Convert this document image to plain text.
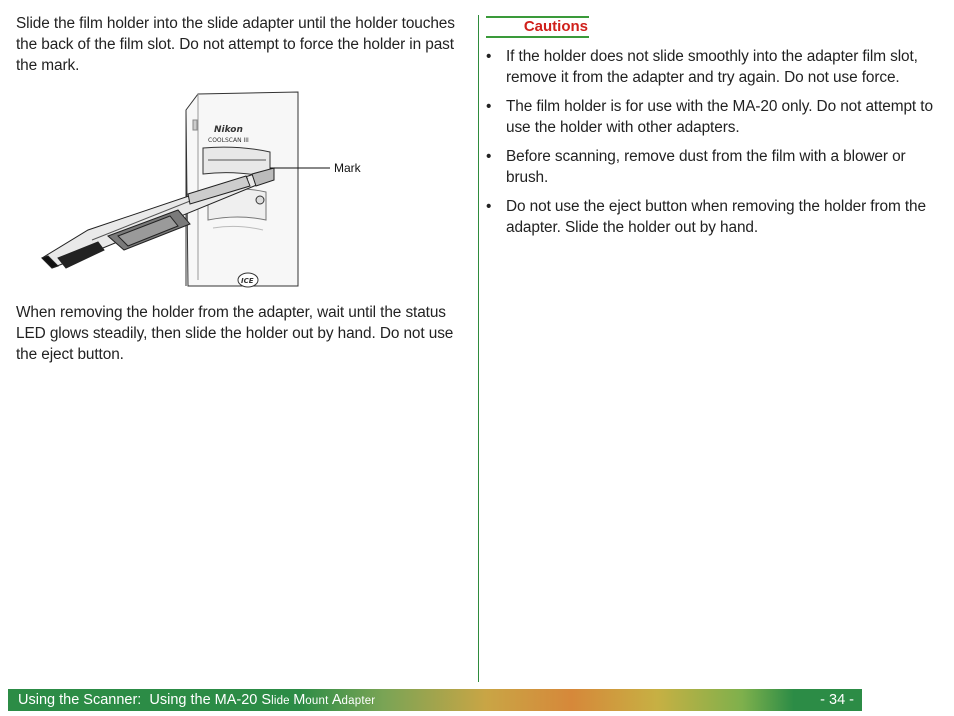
Slide the film holder into the slide adapter until the holder touches the back of the film slot. Do not attempt to force the holder in past the mark.

Nikon
COOLSCAN III
ICE
Mark

When removing the holder from the adapter, wait until the status LED glows steadily, then slide the holder out by hand. Do not use the eject button.

Cautions
• If the holder does not slide smoothly into the adapter film slot, remove it from the adapter and try again. Do not use force.
• The film holder is for use with the MA-20 only. Do not attempt to use the holder with other adapters.
• Before scanning, remove dust from the film with a blower or brush.
• Do not use the eject button when removing the holder from the adapter. Slide the holder out by hand.
Using the Scanner:  Using the MA-20 Slide Mount Adapter	- 34 -
